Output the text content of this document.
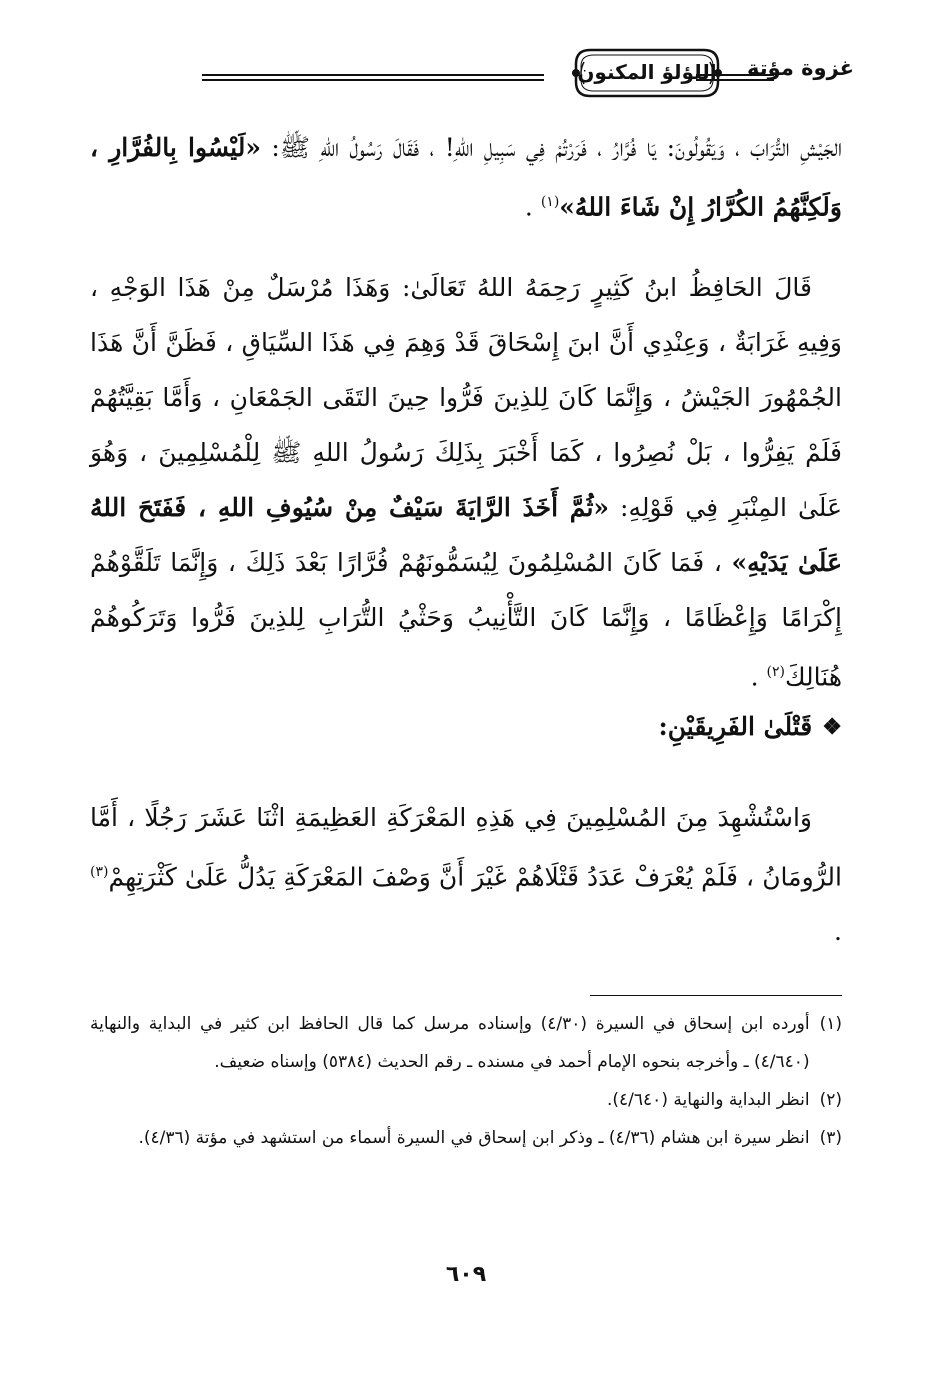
غزوة مؤتة
اللؤلؤ المكنون
الجَيْشِ التُّرَابَ ، وَيَقُولُونَ: يَا فُرَّارُ ، فَرَرْتُمْ فِي سَبِيلِ اللهِ! ، فَقَالَ رَسُولُ اللهِ ﷺ: «لَيْسُوا بِالفُرَّارِ ، وَلَكِنَّهُمُ الكُرَّارُ إِنْ شَاءَ اللهُ»$^{(١)}$ .
قَالَ الحَافِظُ ابنُ كَثِيرٍ رَحِمَهُ اللهُ تَعَالَىٰ: وَهَذَا مُرْسَلٌ مِنْ هَذَا الوَجْهِ ، وَفِيهِ غَرَابَةٌ ، وَعِنْدِي أَنَّ ابنَ إِسْحَاقَ قَدْ وَهِمَ فِي هَذَا السِّيَاقِ ، فَظَنَّ أَنَّ هَذَا الجُمْهُورَ الجَيْشُ ، وَإِنَّمَا كَانَ لِلذِينَ فَرُّوا حِينَ التَقَى الجَمْعَانِ ، وَأَمَّا بَقِيَّتُهُمْ فَلَمْ يَفِرُّوا ، بَلْ نُصِرُوا ، كَمَا أَخْبَرَ بِذَلِكَ رَسُولُ اللهِ ﷺ لِلْمُسْلِمِينَ ، وَهُوَ عَلَىٰ المِنْبَرِ فِي قَوْلِهِ: «ثُمَّ أَخَذَ الرَّايَةَ سَيْفٌ مِنْ سُيُوفِ اللهِ ، فَفَتَحَ اللهُ عَلَىٰ يَدَيْهِ» ، فَمَا كَانَ المُسْلِمُونَ لِيُسَمُّونَهُمْ فُرَّارًا بَعْدَ ذَلِكَ ، وَإِنَّمَا تَلَقَّوْهُمْ إِكْرَامًا وَإِعْظَامًا ، وَإِنَّمَا كَانَ التَّأْنِيبُ وَحَثْيُ التُّرَابِ لِلذِينَ فَرُّوا وَتَرَكُوهُمْ هُنَالِكَ$^{(٢)}$ .
❖
قَتْلَىٰ الفَرِيقَيْنِ:
وَاسْتُشْهِدَ مِنَ المُسْلِمِينَ فِي هَذِهِ المَعْرَكَةِ العَظِيمَةِ اثْنَا عَشَرَ رَجُلًا ، أَمَّا الرُّومَانُ ، فَلَمْ يُعْرَفْ عَدَدُ قَتْلَاهُمْ غَيْرَ أَنَّ وَصْفَ المَعْرَكَةِ يَدُلُّ عَلَىٰ كَثْرَتِهِمْ$^{(٣)}$ .
(١)
أورده ابن إسحاق في السيرة (٤/٣٠) وإسناده مرسل كما قال الحافظ ابن كثير في البداية والنهاية (٤/٦٤٠) ـ وأخرجه بنحوه الإمام أحمد في مسنده ـ رقم الحديث (٥٣٨٤) وإسناه ضعيف.
(٢)
انظر البداية والنهاية (٤/٦٤٠).
(٣)
انظر سيرة ابن هشام (٤/٣٦) ـ وذكر ابن إسحاق في السيرة أسماء من استشهد في مؤتة (٤/٣٦).
٦٠٩
